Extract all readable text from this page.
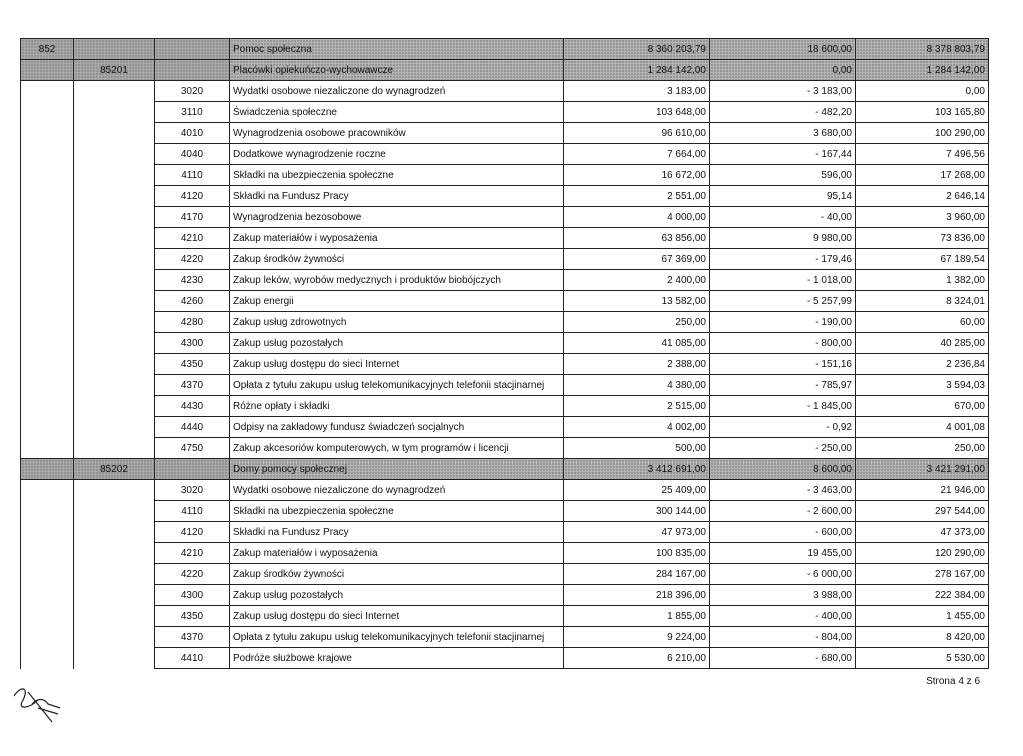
852			Pomoc społeczna	8 360 203,79	18 600,00	8 378 803,79
	85201		Placówki opiekuńczo-wychowawcze	1 284 142,00	0,00	1 284 142,00
		3020	Wydatki osobowe niezaliczone do wynagrodzeń	3 183,00	- 3 183,00	0,00
		3110	Świadczenia społeczne	103 648,00	- 482,20	103 165,80
		4010	Wynagrodzenia osobowe pracowników	96 610,00	3 680,00	100 290,00
		4040	Dodatkowe wynagrodzenie roczne	7 664,00	- 167,44	7 496,56
		4110	Składki na ubezpieczenia społeczne	16 672,00	596,00	17 268,00
		4120	Składki na Fundusz Pracy	2 551,00	95,14	2 646,14
		4170	Wynagrodzenia bezosobowe	4 000,00	- 40,00	3 960,00
		4210	Zakup materiałów i wyposażenia	63 856,00	9 980,00	73 836,00
		4220	Zakup środków żywności	67 369,00	- 179,46	67 189,54
		4230	Zakup leków, wyrobów medycznych i produktów biobójczych	2 400,00	- 1 018,00	1 382,00
		4260	Zakup energii	13 582,00	- 5 257,99	8 324,01
		4280	Zakup usług zdrowotnych	250,00	- 190,00	60,00
		4300	Zakup usług pozostałych	41 085,00	- 800,00	40 285,00
		4350	Zakup usług dostępu do sieci Internet	2 388,00	- 151,16	2 236,84
		4370	Opłata z tytułu zakupu usług telekomunikacyjnych telefonii stacjinarnej	4 380,00	- 785,97	3 594,03
		4430	Różne opłaty i składki	2 515,00	- 1 845,00	670,00
		4440	Odpisy na zakładowy fundusz świadczeń socjalnych	4 002,00	- 0,92	4 001,08
		4750	Zakup akcesoriów komputerowych, w tym programów i licencji	500,00	- 250,00	250,00
	85202		Domy pomocy społecznej	3 412 691,00	8 600,00	3 421 291,00
		3020	Wydatki osobowe niezaliczone do wynagrodzeń	25 409,00	- 3 463,00	21 946,00
		4110	Składki na ubezpieczenia społeczne	300 144,00	- 2 600,00	297 544,00
		4120	Składki na Fundusz Pracy	47 973,00	- 600,00	47 373,00
		4210	Zakup materiałów i wyposażenia	100 835,00	19 455,00	120 290,00
		4220	Zakup środków żywności	284 167,00	- 6 000,00	278 167,00
		4300	Zakup usług pozostałych	218 396,00	3 988,00	222 384,00
		4350	Zakup usług dostępu do sieci Internet	1 855,00	- 400,00	1 455,00
		4370	Opłata z tytułu zakupu usług telekomunikacyjnych telefonii stacjinarnej	9 224,00	- 804,00	8 420,00
		4410	Podróże służbowe krajowe	6 210,00	- 680,00	5 530,00
Strona 4 z 6
